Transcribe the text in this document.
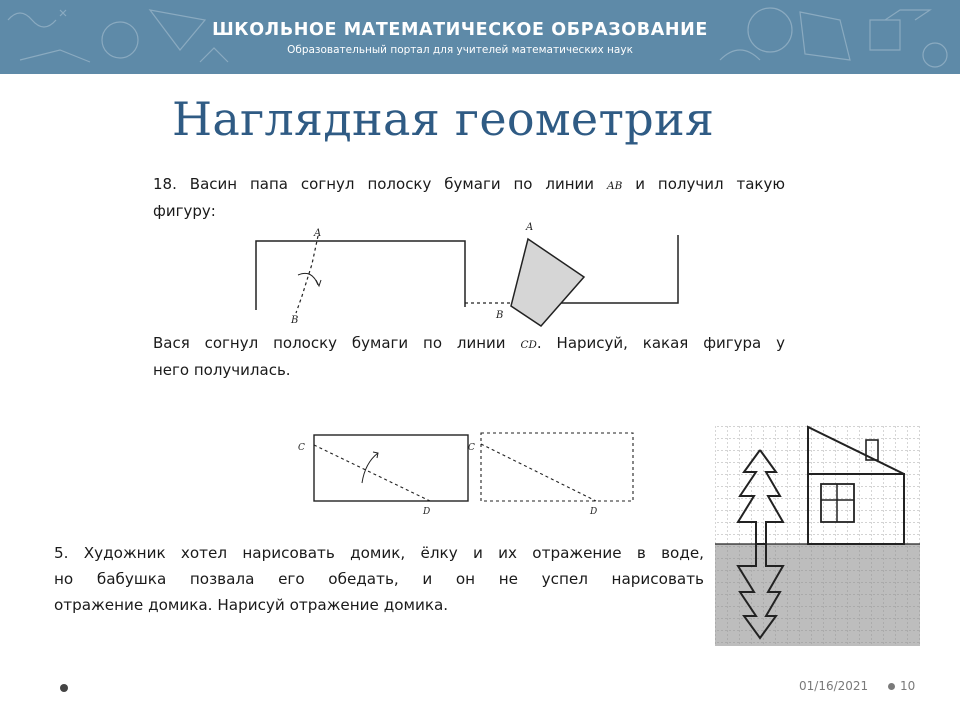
ШКОЛЬНОЕ МАТЕМАТИЧЕСКОЕ ОБРАЗОВАНИЕ
Образовательный портал для учителей математических наук
Наглядная геометрия
18. Васин папа согнул полоску бумаги по линии AB и получил такую
фигуру:
A
B
A
B
Вася согнул полоску бумаги по линии CD. Нарисуй, какая фигура у
него получилась.
C
D
C
D
5. Художник хотел нарисовать домик, ёлку и их отражение в воде,
но бабушка позвала его обедать, и он не успел нарисовать
отражение домика. Нарисуй отражение домика.
01/16/2021	10
